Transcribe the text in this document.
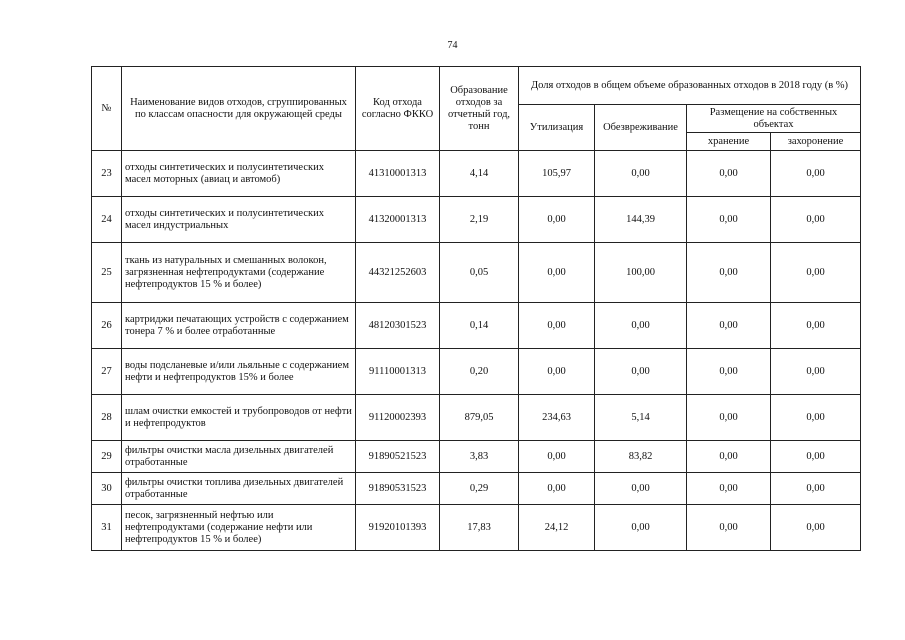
74
№	Наименование видов отходов, сгруппированных по классам опасности для окружающей среды	Код отхода согласно ФККО	Образование отходов за отчетный год, тонн	Доля отходов в общем объеме образованных отходов в 2018 году (в %)			
				Утилизация	Обезвреживание	Размещение на собственных объектах	
						хранение	захоронение
23	отходы синтетических и полусинтетических масел моторных (авиац и автомоб)	41310001313	4,14	105,97	0,00	0,00	0,00
24	отходы синтетических и полусинтетических масел индустриальных	41320001313	2,19	0,00	144,39	0,00	0,00
25	ткань из натуральных и смешанных волокон, загрязненная нефтепродуктами (содержание нефтепродуктов 15 % и более)	44321252603	0,05	0,00	100,00	0,00	0,00
26	картриджи печатающих устройств с содержанием тонера 7 % и более отработанные	48120301523	0,14	0,00	0,00	0,00	0,00
27	воды подсланевые и/или льяльные с содержанием нефти и нефтепродуктов 15% и более	91110001313	0,20	0,00	0,00	0,00	0,00
28	шлам очистки емкостей и трубопроводов от нефти и нефтепродуктов	91120002393	879,05	234,63	5,14	0,00	0,00
29	фильтры очистки масла дизельных двигателей отработанные	91890521523	3,83	0,00	83,82	0,00	0,00
30	фильтры очистки топлива дизельных двигателей отработанные	91890531523	0,29	0,00	0,00	0,00	0,00
31	песок, загрязненный нефтью или нефтепродуктами (содержание нефти или нефтепродуктов 15 % и более)	91920101393	17,83	24,12	0,00	0,00	0,00
